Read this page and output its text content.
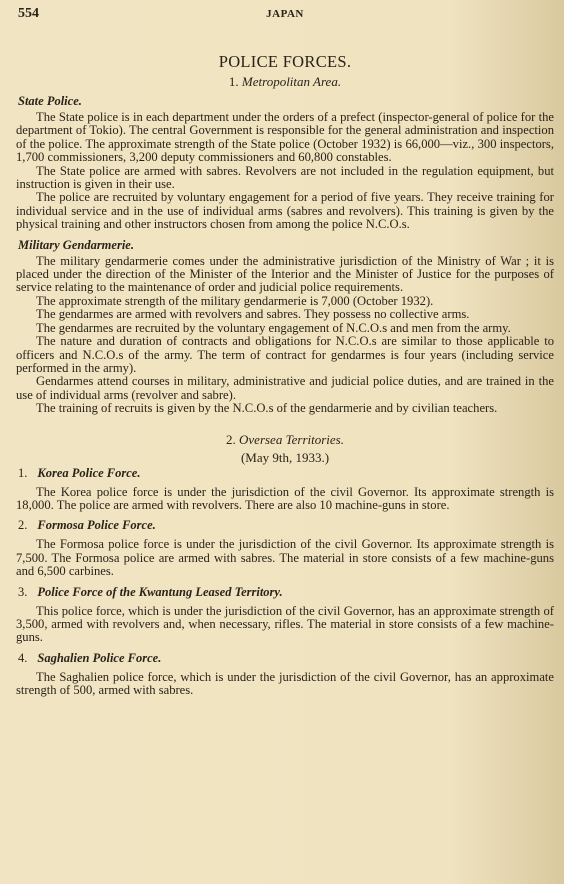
554	JAPAN
POLICE FORCES.
1. Metropolitan Area.
State Police.

The State police is in each department under the orders of a prefect (inspector-general of police for the department of Tokio). The central Government is responsible for the general administration and inspection of the police. The approximate strength of the State police (October 1932) is 66,000—viz., 300 inspectors, 1,700 commissioners, 3,200 deputy commissioners and 60,800 constables.

The State police are armed with sabres. Revolvers are not included in the regulation equipment, but instruction is given in their use.

The police are recruited by voluntary engagement for a period of five years. They receive training for individual service and in the use of individual arms (sabres and revolvers). This training is given by the physical training and other instructors chosen from among the police N.C.O.s.

Military Gendarmerie.

The military gendarmerie comes under the administrative jurisdiction of the Ministry of War ; it is placed under the direction of the Minister of the Interior and the Minister of Justice for the purposes of service relating to the maintenance of order and judicial police requirements.

The approximate strength of the military gendarmerie is 7,000 (October 1932).

The gendarmes are armed with revolvers and sabres. They possess no collective arms.

The gendarmes are recruited by the voluntary engagement of N.C.O.s and men from the army.

The nature and duration of contracts and obligations for N.C.O.s are similar to those applicable to officers and N.C.O.s of the army. The term of contract for gendarmes is four years (including service performed in the army).

Gendarmes attend courses in military, administrative and judicial police duties, and are trained in the use of individual arms (revolver and sabre).

The training of recruits is given by the N.C.O.s of the gendarmerie and by civilian teachers.

2. Oversea Territories.
(May 9th, 1933.)
1. Korea Police Force.

The Korea police force is under the jurisdiction of the civil Governor. Its approximate strength is 18,000. The police are armed with revolvers. There are also 10 machine-guns in store.

2. Formosa Police Force.

The Formosa police force is under the jurisdiction of the civil Governor. Its approximate strength is 7,500. The Formosa police are armed with sabres. The material in store consists of a few machine-guns and 6,500 carbines.

3. Police Force of the Kwantung Leased Territory.

This police force, which is under the jurisdiction of the civil Governor, has an approximate strength of 3,500, armed with revolvers and, when necessary, rifles. The material in store consists of a few machine-guns.

4. Saghalien Police Force.

The Saghalien police force, which is under the jurisdiction of the civil Governor, has an approximate strength of 500, armed with sabres.
